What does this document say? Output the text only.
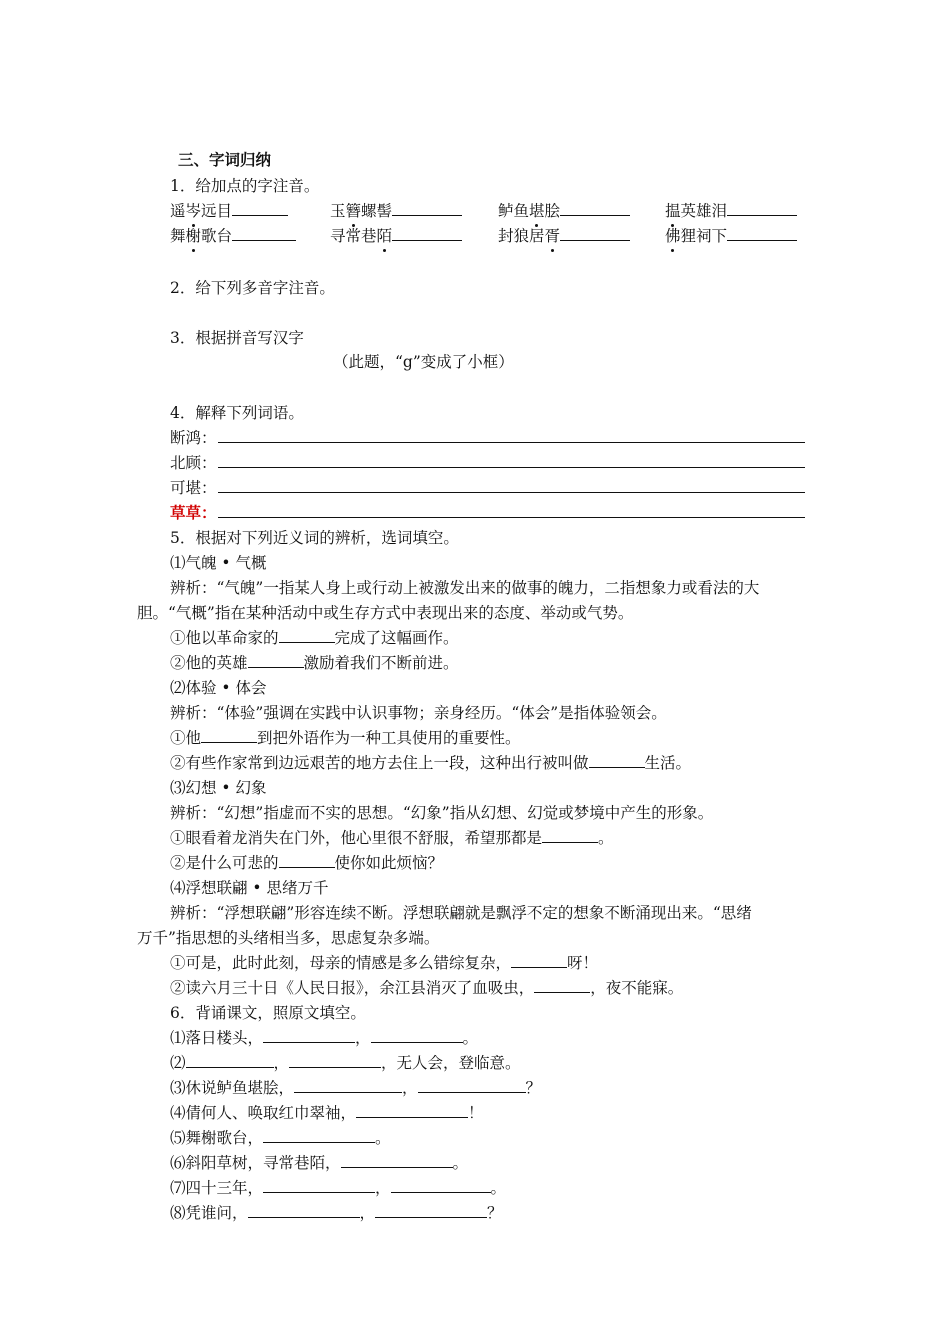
三、字词归纳
1．给加点的字注音。
遥岑远目	玉簪螺髻	鲈鱼堪脍	揾英雄泪
舞榭歌台	寻常巷陌	封狼居胥	佛狸祠下
2．给下列多音字注音。
3．根据拼音写汉字
（此题，“g”变成了小框）
4．解释下列词语。
断鸿：
北顾：
可堪：
草草：
5．根据对下列近义词的辨析，选词填空。
⑴气魄 • 气概
辨析：“气魄”一指某人身上或行动上被激发出来的做事的魄力，二指想象力或看法的大
胆。“气概”指在某种活动中或生存方式中表现出来的态度、举动或气势。
①他以革命家的	完成了这幅画作。
②他的英雄	激励着我们不断前进。
⑵体验 • 体会
辨析：“体验”强调在实践中认识事物；亲身经历。“体会”是指体验领会。
①他	到把外语作为一种工具使用的重要性。
②有些作家常到边远艰苦的地方去住上一段，这种出行被叫做	生活。
⑶幻想 • 幻象
辨析：“幻想”指虚而不实的思想。“幻象”指从幻想、幻觉或梦境中产生的形象。
①眼看着龙消失在门外，他心里很不舒服，希望那都是	。
②是什么可悲的	使你如此烦恼？
⑷浮想联翩 • 思绪万千
辨析：“浮想联翩”形容连续不断。浮想联翩就是飘浮不定的想象不断涌现出来。“思绪
万千”指思想的头绪相当多，思虑复杂多端。
①可是，此时此刻，母亲的情感是多么错综复杂，	呀！
②读六月三十日《人民日报》，余江县消灭了血吸虫，	，夜不能寐。
6．背诵课文，照原文填空。
⑴落日楼头，	，	。
⑵	，	，无人会，登临意。
⑶休说鲈鱼堪脍，	，	？
⑷倩何人、唤取红巾翠袖，	！
⑸舞榭歌台，	。
⑹斜阳草树，寻常巷陌，	。
⑺四十三年，	，	。
⑻凭谁问，	，	？
